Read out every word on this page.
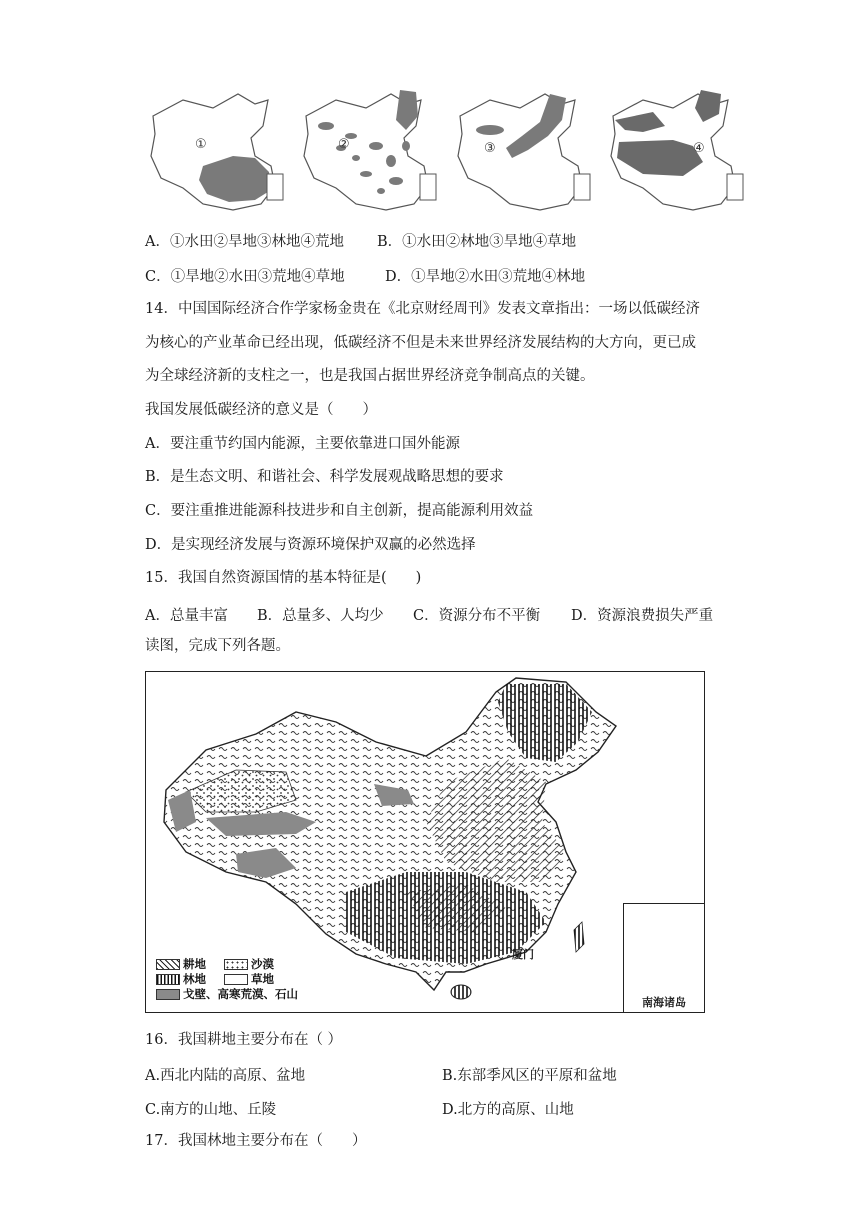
①	②	③	④
A．①水田②旱地③林地④荒地 B．①水田②林地③旱地④草地
C．①旱地②水田③荒地④草地	D．①旱地②水田③荒地④林地
14．中国国际经济合作学家杨金贵在《北京财经周刊》发表文章指出：一场以低碳经济
为核心的产业革命已经出现，低碳经济不但是未来世界经济发展结构的大方向，更已成
为全球经济新的支柱之一，也是我国占据世界经济竞争制高点的关键。
我国发展低碳经济的意义是（　　）
A．要注重节约国内能源，主要依靠进口国外能源
B．是生态文明、和谐社会、科学发展观战略思想的要求
C．要注重推进能源科技进步和自主创新，提高能源利用效益
D．是实现经济发展与资源环境保护双赢的必然选择
15．我国自然资源国情的基本特征是(　　)
A．总量丰富 B．总量多、人均少 C．资源分布不平衡 D．资源浪费损失严重
读图，完成下列各题。
耕地	沙漠
林地	草地
戈壁、高寒荒漠、石山
厦门
南海诸岛
16．我国耕地主要分布在（ ）
A.西北内陆的高原、盆地	B.东部季风区的平原和盆地
C.南方的山地、丘陵	D.北方的高原、山地
17．我国林地主要分布在（　　）
